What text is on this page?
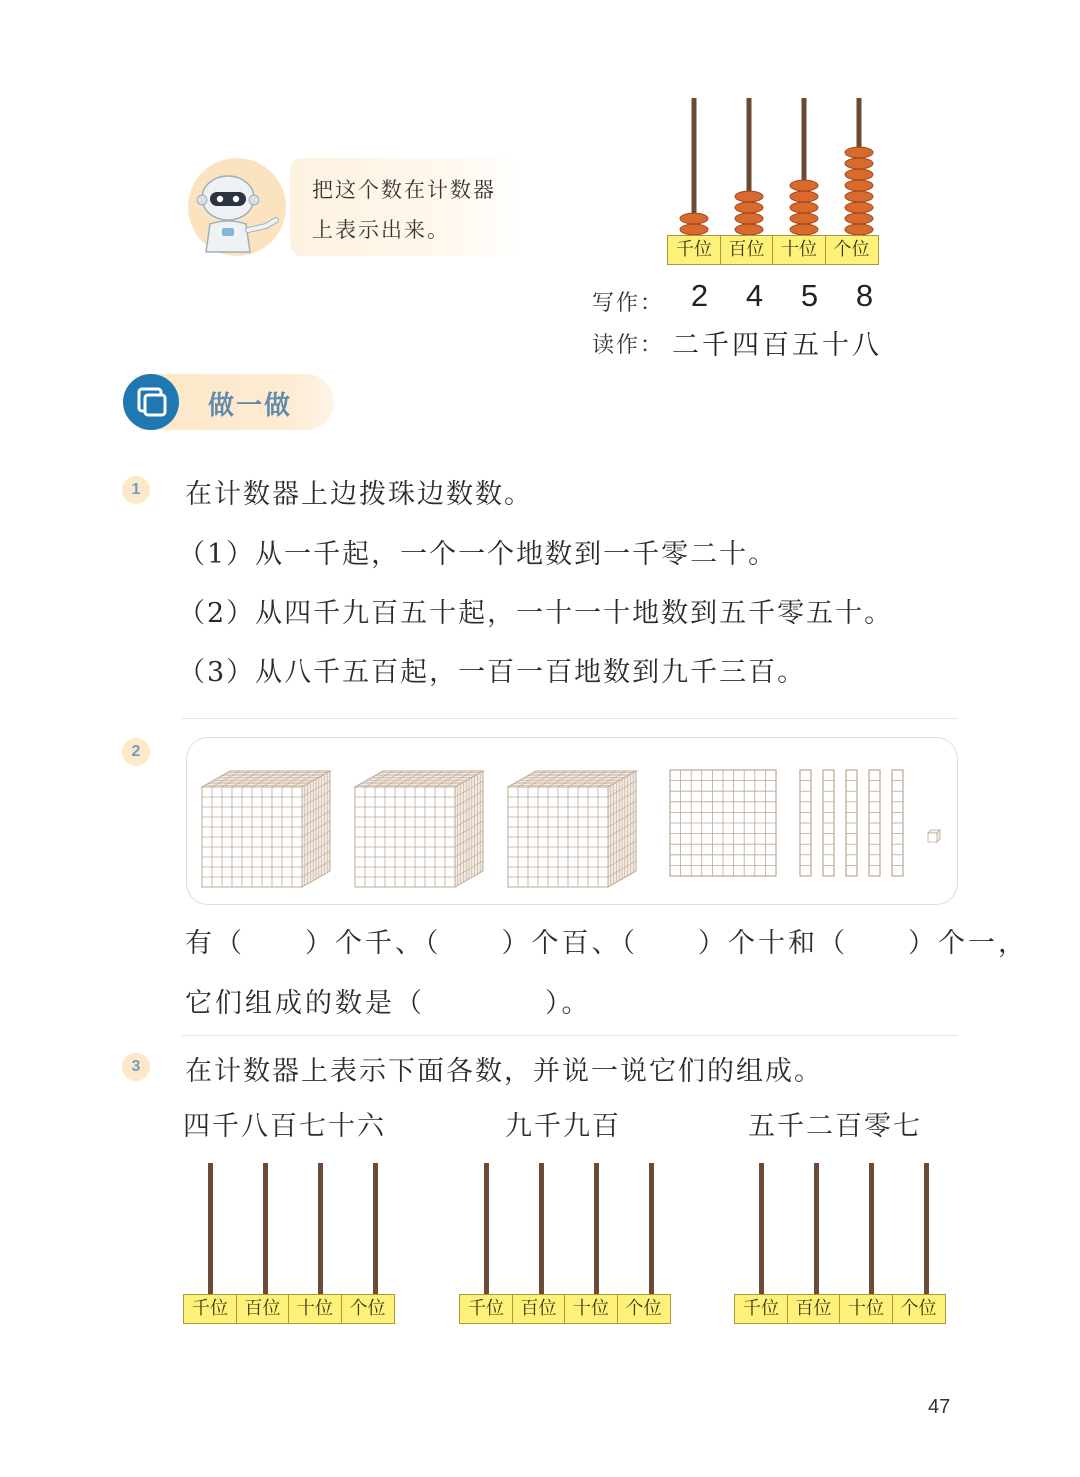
把这个数在计数器
上表示出来。
千位 百位 十位 个位
写作： 2 4 5 8
读作： 二千四百五十八
做一做
1	在计数器上边拨珠边数数。
（1）从一千起，一个一个地数到一千零二十。
（2）从四千九百五十起，一十一十地数到五千零五十。
（3）从八千五百起，一百一百地数到九千三百。
2
有（　　）个千、（　　）个百、（　　）个十和（　　）个一，
它们组成的数是（　　　　）。
3	在计数器上表示下面各数，并说一说它们的组成。
四千八百七十六	九千九百	五千二百零七
千位 百位 十位 个位	千位 百位 十位 个位	千位 百位 十位 个位
47
